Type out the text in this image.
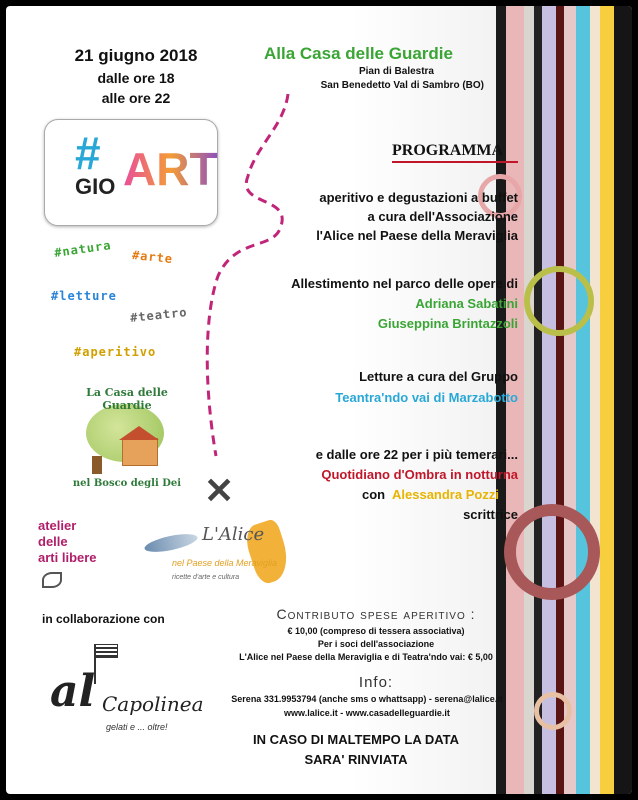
21 giugno 2018
dalle ore 18
alle ore 22
Alla Casa delle Guardie
Pian di Balestra
San Benedetto Val di Sambro (BO)
#
GIO ART
#natura #arte
#letture
#teatro
#aperitivo
La Casa delle Guardie
nel Bosco degli Dei ✕
atelier
delle
arti libere
L'Alice
nel Paese della Meraviglia
ricette d'arte e cultura
in collaborazione con
al Capolinea
gelati e ... oltre!
PROGRAMMA
aperitivo e degustazioni a buffet
a cura dell'Associazione
l'Alice nel Paese della Meraviglia
Allestimento nel parco delle opere di
Adriana Sabatini
Giuseppina Brintazzoli
Letture a cura del Gruppo
Teantra'ndo vai di Marzabotto
e dalle ore 22 per i più temerari...
Quotidiano d'Ombra in notturna
con Alessandra Pozzi
scrittrice
Contributo spese aperitivo :
€ 10,00 (compreso di tessera associativa)
Per i soci dell'associazione
L'Alice nel Paese della Meraviglia e di Teatra'ndo vai: € 5,00
Info:
Serena 331.9953794 (anche sms o whattsapp) - serena@lalice.it
www.lalice.it - www.casadelleguardie.it
IN CASO DI MALTEMPO LA DATA
SARA' RINVIATA
